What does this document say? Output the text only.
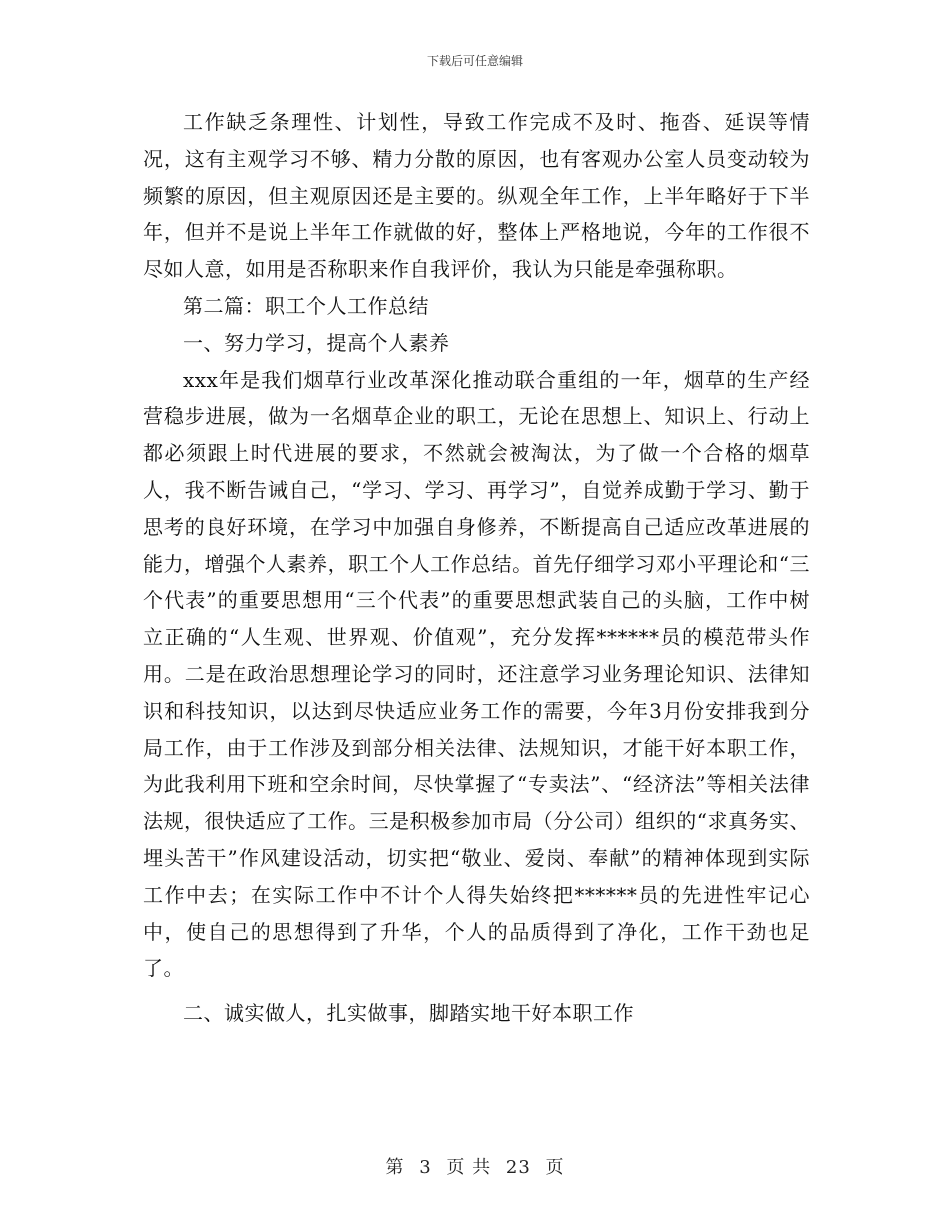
下载后可任意编辑

工作缺乏条理性、计划性，导致工作完成不及时、拖沓、延误等情况，这有主观学习不够、精力分散的原因，也有客观办公室人员变动较为频繁的原因，但主观原因还是主要的。纵观全年工作，上半年略好于下半年，但并不是说上半年工作就做的好，整体上严格地说，今年的工作很不尽如人意，如用是否称职来作自我评价，我认为只能是牵强称职。

第二篇：职工个人工作总结

一、努力学习，提高个人素养

xxx年是我们烟草行业改革深化推动联合重组的一年，烟草的生产经营稳步进展，做为一名烟草企业的职工，无论在思想上、知识上、行动上都必须跟上时代进展的要求，不然就会被淘汰，为了做一个合格的烟草人，我不断告诫自己，“学习、学习、再学习”，自觉养成勤于学习、勤于思考的良好环境，在学习中加强自身修养，不断提高自己适应改革进展的能力，增强个人素养，职工个人工作总结。首先仔细学习邓小平理论和“三个代表”的重要思想用“三个代表”的重要思想武装自己的头脑，工作中树立正确的“人生观、世界观、价值观”，充分发挥******员的模范带头作用。二是在政治思想理论学习的同时，还注意学习业务理论知识、法律知识和科技知识，以达到尽快适应业务工作的需要，今年3月份安排我到分局工作，由于工作涉及到部分相关法律、法规知识，才能干好本职工作，为此我利用下班和空余时间，尽快掌握了“专卖法”、“经济法”等相关法律法规，很快适应了工作。三是积极参加市局（分公司）组织的“求真务实、埋头苦干”作风建设活动，切实把“敬业、爱岗、奉献”的精神体现到实际工作中去；在实际工作中不计个人得失始终把******员的先进性牢记心中，使自己的思想得到了升华，个人的品质得到了净化，工作干劲也足了。

二、诚实做人，扎实做事，脚踏实地干好本职工作

第 3 页 共 23 页
